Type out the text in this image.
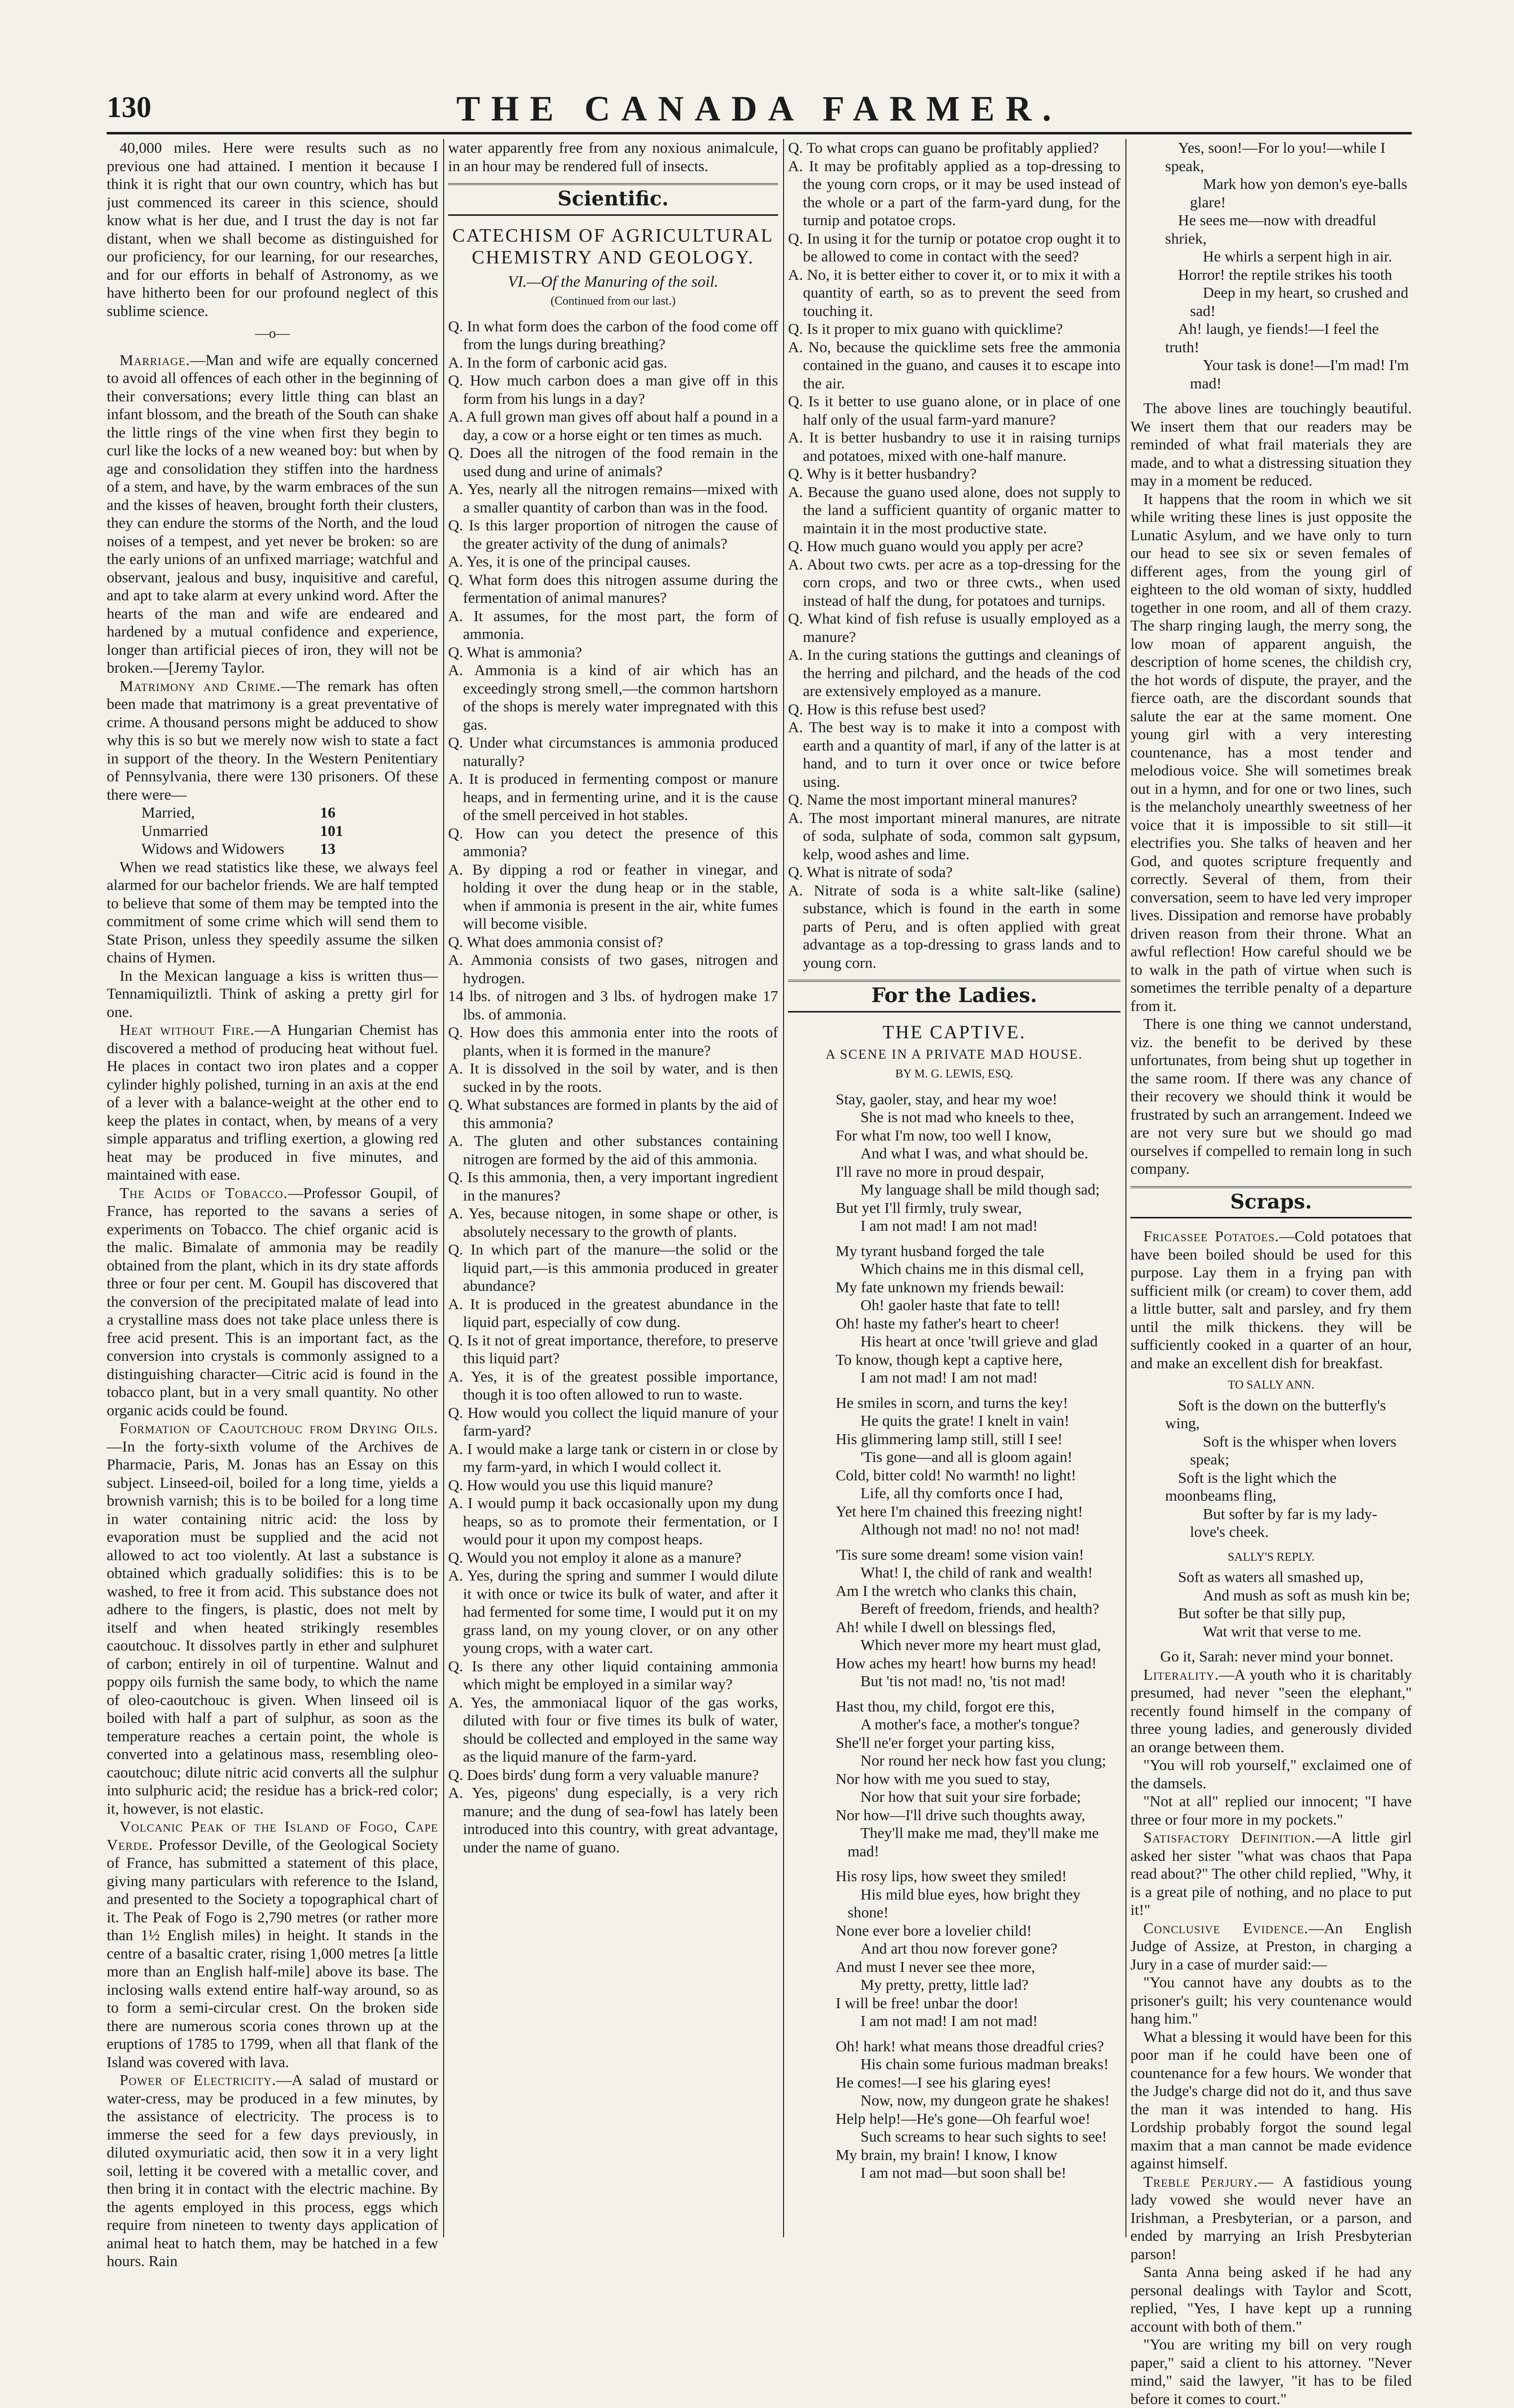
130	THE CANADA FARMER.

40,000 miles. Here were results such as no previous one had attained. I mention it because I think it is right that our own country, which has but just commenced its career in this science, should know what is her due, and I trust the day is not far distant, when we shall become as distinguished for our proficiency, for our learning, for our researches, and for our efforts in behalf of Astronomy, as we have hitherto been for our profound neglect of this sublime science.

—o—

Marriage.—Man and wife are equally concerned to avoid all offences of each other in the beginning of their conversations; every little thing can blast an infant blossom, and the breath of the South can shake the little rings of the vine when first they begin to curl like the locks of a new weaned boy: but when by age and consolidation they stiffen into the hardness of a stem, and have, by the warm embraces of the sun and the kisses of heaven, brought forth their clusters, they can endure the storms of the North, and the loud noises of a tempest, and yet never be broken: so are the early unions of an unfixed marriage; watchful and observant, jealous and busy, inquisitive and careful, and apt to take alarm at every unkind word. After the hearts of the man and wife are endeared and hardened by a mutual confidence and experience, longer than artificial pieces of iron, they will not be broken.—[Jeremy Taylor.

Matrimony and Crime.—The remark has often been made that matrimony is a great preventative of crime. A thousand persons might be adduced to show why this is so but we merely now wish to state a fact in support of the theory. In the Western Penitentiary of Pennsylvania, there were 130 prisoners. Of these there were—

Married,	16
Unmarried	101
Widows and Widowers 13

When we read statistics like these, we always feel alarmed for our bachelor friends. We are half tempted to believe that some of them may be tempted into the commitment of some crime which will send them to State Prison, unless they speedily assume the silken chains of Hymen.

In the Mexican language a kiss is written thus—Tennamiquiliztli. Think of asking a pretty girl for one.

Heat without Fire.—A Hungarian Chemist has discovered a method of producing heat without fuel. He places in contact two iron plates and a copper cylinder highly polished, turning in an axis at the end of a lever with a balance-weight at the other end to keep the plates in contact, when, by means of a very simple apparatus and trifling exertion, a glowing red heat may be produced in five minutes, and maintained with ease.

The Acids of Tobacco.—Professor Goupil, of France, has reported to the savans a series of experiments on Tobacco. The chief organic acid is the malic. Bimalate of ammonia may be readily obtained from the plant, which in its dry state affords three or four per cent. M. Goupil has discovered that the conversion of the precipitated malate of lead into a crystalline mass does not take place unless there is free acid present. This is an important fact, as the conversion into crystals is commonly assigned to a distinguishing character—Citric acid is found in the tobacco plant, but in a very small quantity. No other organic acids could be found.

Formation of Caoutchouc from Drying Oils.—In the forty-sixth volume of the Archives de Pharmacie, Paris, M. Jonas has an Essay on this subject. Linseed-oil, boiled for a long time, yields a brownish varnish; this is to be boiled for a long time in water containing nitric acid: the loss by evaporation must be supplied and the acid not allowed to act too violently. At last a substance is obtained which gradually solidifies: this is to be washed, to free it from acid. This substance does not adhere to the fingers, is plastic, does not melt by itself and when heated strikingly resembles caoutchouc. It dissolves partly in ether and sulphuret of carbon; entirely in oil of turpentine. Walnut and poppy oils furnish the same body, to which the name of oleo-caoutchouc is given. When linseed oil is boiled with half a part of sulphur, as soon as the temperature reaches a certain point, the whole is converted into a gelatinous mass, resembling oleo-caoutchouc; dilute nitric acid converts all the sulphur into sulphuric acid; the residue has a brick-red color; it, however, is not elastic.

Volcanic Peak of the Island of Fogo, Cape Verde. Professor Deville, of the Geological Society of France, has submitted a statement of this place, giving many particulars with reference to the Island, and presented to the Society a topographical chart of it. The Peak of Fogo is 2,790 metres (or rather more than 1½ English miles) in height. It stands in the centre of a basaltic crater, rising 1,000 metres [a little more than an English half-mile] above its base. The inclosing walls extend entire half-way around, so as to form a semi-circular crest. On the broken side there are numerous scoria cones thrown up at the eruptions of 1785 to 1799, when all that flank of the Island was covered with lava.

Power of Electricity.—A salad of mustard or water-cress, may be produced in a few minutes, by the assistance of electricity. The process is to immerse the seed for a few days previously, in diluted oxymuriatic acid, then sow it in a very light soil, letting it be covered with a metallic cover, and then bring it in contact with the electric machine. By the agents employed in this process, eggs which require from nineteen to twenty days application of animal heat to hatch them, may be hatched in a few hours. Rain

water apparently free from any noxious animalcule, in an hour may be rendered full of insects.

Scientific.
CATECHISM OF AGRICULTURAL CHEMISTRY AND GEOLOGY.
VI.—Of the Manuring of the soil.
(Continued from our last.)

Q. In what form does the carbon of the food come off from the lungs during breathing?

A. In the form of carbonic acid gas.

Q. How much carbon does a man give off in this form from his lungs in a day?

A. A full grown man gives off about half a pound in a day, a cow or a horse eight or ten times as much.

Q. Does all the nitrogen of the food remain in the used dung and urine of animals?

A. Yes, nearly all the nitrogen remains—mixed with a smaller quantity of carbon than was in the food.

Q. Is this larger proportion of nitrogen the cause of the greater activity of the dung of animals?

A. Yes, it is one of the principal causes.

Q. What form does this nitrogen assume during the fermentation of animal manures?

A. It assumes, for the most part, the form of ammonia.

Q. What is ammonia?

A. Ammonia is a kind of air which has an exceedingly strong smell,—the common hartshorn of the shops is merely water impregnated with this gas.

Q. Under what circumstances is ammonia produced naturally?

A. It is produced in fermenting compost or manure heaps, and in fermenting urine, and it is the cause of the smell perceived in hot stables.

Q. How can you detect the presence of this ammonia?

A. By dipping a rod or feather in vinegar, and holding it over the dung heap or in the stable, when if ammonia is present in the air, white fumes will become visible.

Q. What does ammonia consist of?

A. Ammonia consists of two gases, nitrogen and hydrogen.

14 lbs. of nitrogen and 3 lbs. of hydrogen make 17 lbs. of ammonia.

Q. How does this ammonia enter into the roots of plants, when it is formed in the manure?

A. It is dissolved in the soil by water, and is then sucked in by the roots.

Q. What substances are formed in plants by the aid of this ammonia?

A. The gluten and other substances containing nitrogen are formed by the aid of this ammonia.

Q. Is this ammonia, then, a very important ingredient in the manures?

A. Yes, because nitogen, in some shape or other, is absolutely necessary to the growth of plants.

Q. In which part of the manure—the solid or the liquid part,—is this ammonia produced in greater abundance?

A. It is produced in the greatest abundance in the liquid part, especially of cow dung.

Q. Is it not of great importance, therefore, to preserve this liquid part?

A. Yes, it is of the greatest possible importance, though it is too often allowed to run to waste.

Q. How would you collect the liquid manure of your farm-yard?

A. I would make a large tank or cistern in or close by my farm-yard, in which I would collect it.

Q. How would you use this liquid manure?

A. I would pump it back occasionally upon my dung heaps, so as to promote their fermentation, or I would pour it upon my compost heaps.

Q. Would you not employ it alone as a manure?

A. Yes, during the spring and summer I would dilute it with once or twice its bulk of water, and after it had fermented for some time, I would put it on my grass land, on my young clover, or on any other young crops, with a water cart.

Q. Is there any other liquid containing ammonia which might be employed in a similar way?

A. Yes, the ammoniacal liquor of the gas works, diluted with four or five times its bulk of water, should be collected and employed in the same way as the liquid manure of the farm-yard.

Q. Does birds' dung form a very valuable manure?

A. Yes, pigeons' dung especially, is a very rich manure; and the dung of sea-fowl has lately been introduced into this country, with great advantage, under the name of guano.

Q. To what crops can guano be profitably applied?

A. It may be profitably applied as a top-dressing to the young corn crops, or it may be used instead of the whole or a part of the farm-yard dung, for the turnip and potatoe crops.

Q. In using it for the turnip or potatoe crop ought it to be allowed to come in contact with the seed?

A. No, it is better either to cover it, or to mix it with a quantity of earth, so as to prevent the seed from touching it.

Q. Is it proper to mix guano with quicklime?

A. No, because the quicklime sets free the ammonia contained in the guano, and causes it to escape into the air.

Q. Is it better to use guano alone, or in place of one half only of the usual farm-yard manure?

A. It is better husbandry to use it in raising turnips and potatoes, mixed with one-half manure.

Q. Why is it better husbandry?

A. Because the guano used alone, does not supply to the land a sufficient quantity of organic matter to maintain it in the most productive state.

Q. How much guano would you apply per acre?

A. About two cwts. per acre as a top-dressing for the corn crops, and two or three cwts., when used instead of half the dung, for potatoes and turnips.

Q. What kind of fish refuse is usually employed as a manure?

A. In the curing stations the guttings and cleanings of the herring and pilchard, and the heads of the cod are extensively employed as a manure.

Q. How is this refuse best used?

A. The best way is to make it into a compost with earth and a quantity of marl, if any of the latter is at hand, and to turn it over once or twice before using.

Q. Name the most important mineral manures?

A. The most important mineral manures, are nitrate of soda, sulphate of soda, common salt gypsum, kelp, wood ashes and lime.

Q. What is nitrate of soda?

A. Nitrate of soda is a white salt-like (saline) substance, which is found in the earth in some parts of Peru, and is often applied with great advantage as a top-dressing to grass lands and to young corn.

For the Ladies.
THE CAPTIVE.
A SCENE IN A PRIVATE MAD HOUSE.
BY M. G. LEWIS, ESQ.

Stay, gaoler, stay, and hear my woe!

She is not mad who kneels to thee,

For what I'm now, too well I know,

And what I was, and what should be.

I'll rave no more in proud despair,

My language shall be mild though sad;

But yet I'll firmly, truly swear,

I am not mad! I am not mad!

My tyrant husband forged the tale

Which chains me in this dismal cell,

My fate unknown my friends bewail:

Oh! gaoler haste that fate to tell!

Oh! haste my father's heart to cheer!

His heart at once 'twill grieve and glad

To know, though kept a captive here,

I am not mad! I am not mad!

He smiles in scorn, and turns the key!

He quits the grate! I knelt in vain!

His glimmering lamp still, still I see!

'Tis gone—and all is gloom again!

Cold, bitter cold! No warmth! no light!

Life, all thy comforts once I had,

Yet here I'm chained this freezing night!

Although not mad! no no! not mad!

'Tis sure some dream! some vision vain!

What! I, the child of rank and wealth!

Am I the wretch who clanks this chain,

Bereft of freedom, friends, and health?

Ah! while I dwell on blessings fled,

Which never more my heart must glad,

How aches my heart! how burns my head!

But 'tis not mad! no, 'tis not mad!

Hast thou, my child, forgot ere this,

A mother's face, a mother's tongue?

She'll ne'er forget your parting kiss,

Nor round her neck how fast you clung;

Nor how with me you sued to stay,

Nor how that suit your sire forbade;

Nor how—I'll drive such thoughts away,

They'll make me mad, they'll make me mad!

His rosy lips, how sweet they smiled!

His mild blue eyes, how bright they shone!

None ever bore a lovelier child!

And art thou now forever gone?

And must I never see thee more,

My pretty, pretty, little lad?

I will be free! unbar the door!

I am not mad! I am not mad!

Oh! hark! what means those dreadful cries?

His chain some furious madman breaks!

He comes!—I see his glaring eyes!

Now, now, my dungeon grate he shakes!

Help help!—He's gone—Oh fearful woe!

Such screams to hear such sights to see!

My brain, my brain! I know, I know

I am not mad—but soon shall be!

Yes, soon!—For lo you!—while I speak,

Mark how yon demon's eye-balls glare!

He sees me—now with dreadful shriek,

He whirls a serpent high in air.

Horror! the reptile strikes his tooth

Deep in my heart, so crushed and sad!

Ah! laugh, ye fiends!—I feel the truth!

Your task is done!—I'm mad! I'm mad!

The above lines are touchingly beautiful. We insert them that our readers may be reminded of what frail materials they are made, and to what a distressing situation they may in a moment be reduced.

It happens that the room in which we sit while writing these lines is just opposite the Lunatic Asylum, and we have only to turn our head to see six or seven females of different ages, from the young girl of eighteen to the old woman of sixty, huddled together in one room, and all of them crazy. The sharp ringing laugh, the merry song, the low moan of apparent anguish, the description of home scenes, the childish cry, the hot words of dispute, the prayer, and the fierce oath, are the discordant sounds that salute the ear at the same moment. One young girl with a very interesting countenance, has a most tender and melodious voice. She will sometimes break out in a hymn, and for one or two lines, such is the melancholy unearthly sweetness of her voice that it is impossible to sit still—it electrifies you. She talks of heaven and her God, and quotes scripture frequently and correctly. Several of them, from their conversation, seem to have led very improper lives. Dissipation and remorse have probably driven reason from their throne. What an awful reflection! How careful should we be to walk in the path of virtue when such is sometimes the terrible penalty of a departure from it.

There is one thing we cannot understand, viz. the benefit to be derived by these unfortunates, from being shut up together in the same room. If there was any chance of their recovery we should think it would be frustrated by such an arrangement. Indeed we are not very sure but we should go mad ourselves if compelled to remain long in such company.

Scraps.

Fricassee Potatoes.—Cold potatoes that have been boiled should be used for this purpose. Lay them in a frying pan with sufficient milk (or cream) to cover them, add a little butter, salt and parsley, and fry them until the milk thickens. they will be sufficiently cooked in a quarter of an hour, and make an excellent dish for breakfast.

TO SALLY ANN.

Soft is the down on the butterfly's wing,

Soft is the whisper when lovers speak;

Soft is the light which the moonbeams fling,

But softer by far is my lady-love's cheek.

SALLY'S REPLY.

Soft as waters all smashed up,

And mush as soft as mush kin be;

But softer be that silly pup,

Wat writ that verse to me.

Go it, Sarah: never mind your bonnet.

Literality.—A youth who it is charitably presumed, had never "seen the elephant," recently found himself in the company of three young ladies, and generously divided an orange between them.

"You will rob yourself," exclaimed one of the damsels.

"Not at all" replied our innocent; "I have three or four more in my pockets."

Satisfactory Definition.—A little girl asked her sister "what was chaos that Papa read about?" The other child replied, "Why, it is a great pile of nothing, and no place to put it!"

Conclusive Evidence.—An English Judge of Assize, at Preston, in charging a Jury in a case of murder said:—

"You cannot have any doubts as to the prisoner's guilt; his very countenance would hang him."

What a blessing it would have been for this poor man if he could have been one of countenance for a few hours. We wonder that the Judge's charge did not do it, and thus save the man it was intended to hang. His Lordship probably forgot the sound legal maxim that a man cannot be made evidence against himself.

Treble Perjury.— A fastidious young lady vowed she would never have an Irishman, a Presbyterian, or a parson, and ended by marrying an Irish Presbyterian parson!

Santa Anna being asked if he had any personal dealings with Taylor and Scott, replied, "Yes, I have kept up a running account with both of them."

"You are writing my bill on very rough paper," said a client to his attorney. "Never mind," said the lawyer, "it has to be filed before it comes to court."
